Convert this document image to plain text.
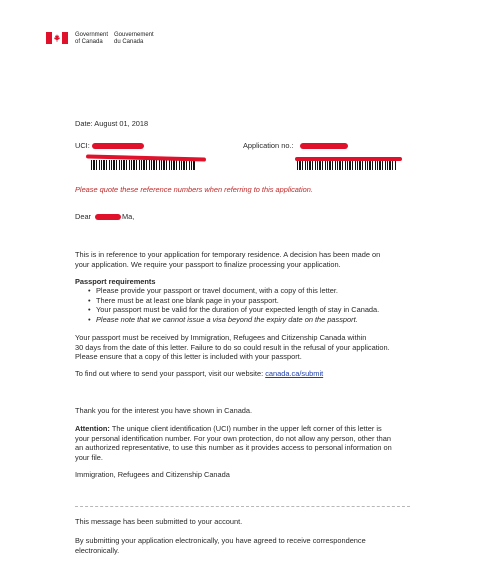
Government
of Canada
Gouvernement
du Canada
Date: August 01, 2018
UCI:	Application no.:
Please quote these reference numbers when referring to this application.
Dear	Ma,
This is in reference to your application for temporary residence. A decision has been made on
your application. We require your passport to finalize processing your application.
Passport requirements
• Please provide your passport or travel document, with a copy of this letter.
• There must be at least one blank page in your passport.
• Your passport must be valid for the duration of your expected length of stay in Canada.
• Please note that we cannot issue a visa beyond the expiry date on the passport.
Your passport must be received by Immigration, Refugees and Citizenship Canada within
30 days from the date of this letter. Failure to do so could result in the refusal of your application.
Please ensure that a copy of this letter is included with your passport.
To find out where to send your passport, visit our website: canada.ca/submit
Thank you for the interest you have shown in Canada.
Attention: The unique client identification (UCI) number in the upper left corner of this letter is
your personal identification number. For your own protection, do not allow any person, other than
an authorized representative, to use this number as it provides access to personal information on
your file.
Immigration, Refugees and Citizenship Canada
This message has been submitted to your account.
By submitting your application electronically, you have agreed to receive correspondence
electronically.
